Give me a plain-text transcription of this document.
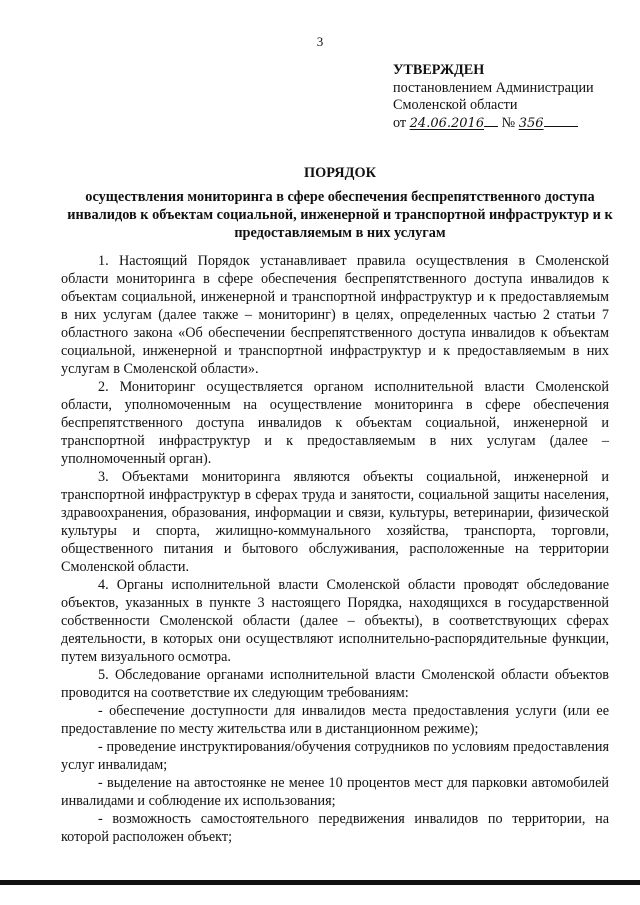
3
УТВЕРЖДЕН
постановлением Администрации
Смоленской области
от 24.06.2016 № 356
ПОРЯДОК
осуществления мониторинга в сфере обеспечения беспрепятственного доступа инвалидов к объектам социальной, инженерной и транспортной инфраструктур и к предоставляемым в них услугам

1. Настоящий Порядок устанавливает правила осуществления в Смоленской области мониторинга в сфере обеспечения беспрепятственного доступа инвалидов к объектам социальной, инженерной и транспортной инфраструктур и к предоставляемым в них услугам (далее также – мониторинг) в целях, определенных частью 2 статьи 7 областного закона «Об обеспечении беспрепятственного доступа инвалидов к объектам социальной, инженерной и транспортной инфраструктур и к предоставляемым в них услугам в Смоленской области».

2. Мониторинг осуществляется органом исполнительной власти Смоленской области, уполномоченным на осуществление мониторинга в сфере обеспечения беспрепятственного доступа инвалидов к объектам социальной, инженерной и транспортной инфраструктур и к предоставляемым в них услугам (далее – уполномоченный орган).

3. Объектами мониторинга являются объекты социальной, инженерной и транспортной инфраструктур в сферах труда и занятости, социальной защиты населения, здравоохранения, образования, информации и связи, культуры, ветеринарии, физической культуры и спорта, жилищно-коммунального хозяйства, транспорта, торговли, общественного питания и бытового обслуживания, расположенные на территории Смоленской области.

4. Органы исполнительной власти Смоленской области проводят обследование объектов, указанных в пункте 3 настоящего Порядка, находящихся в государственной собственности Смоленской области (далее – объекты), в соответствующих сферах деятельности, в которых они осуществляют исполнительно-распорядительные функции, путем визуального осмотра.

5. Обследование органами исполнительной власти Смоленской области объектов проводится на соответствие их следующим требованиям:

- обеспечение доступности для инвалидов места предоставления услуги (или ее предоставление по месту жительства или в дистанционном режиме);

- проведение инструктирования/обучения сотрудников по условиям предоставления услуг инвалидам;

- выделение на автостоянке не менее 10 процентов мест для парковки автомобилей инвалидами и соблюдение их использования;

- возможность самостоятельного передвижения инвалидов по территории, на которой расположен объект;
